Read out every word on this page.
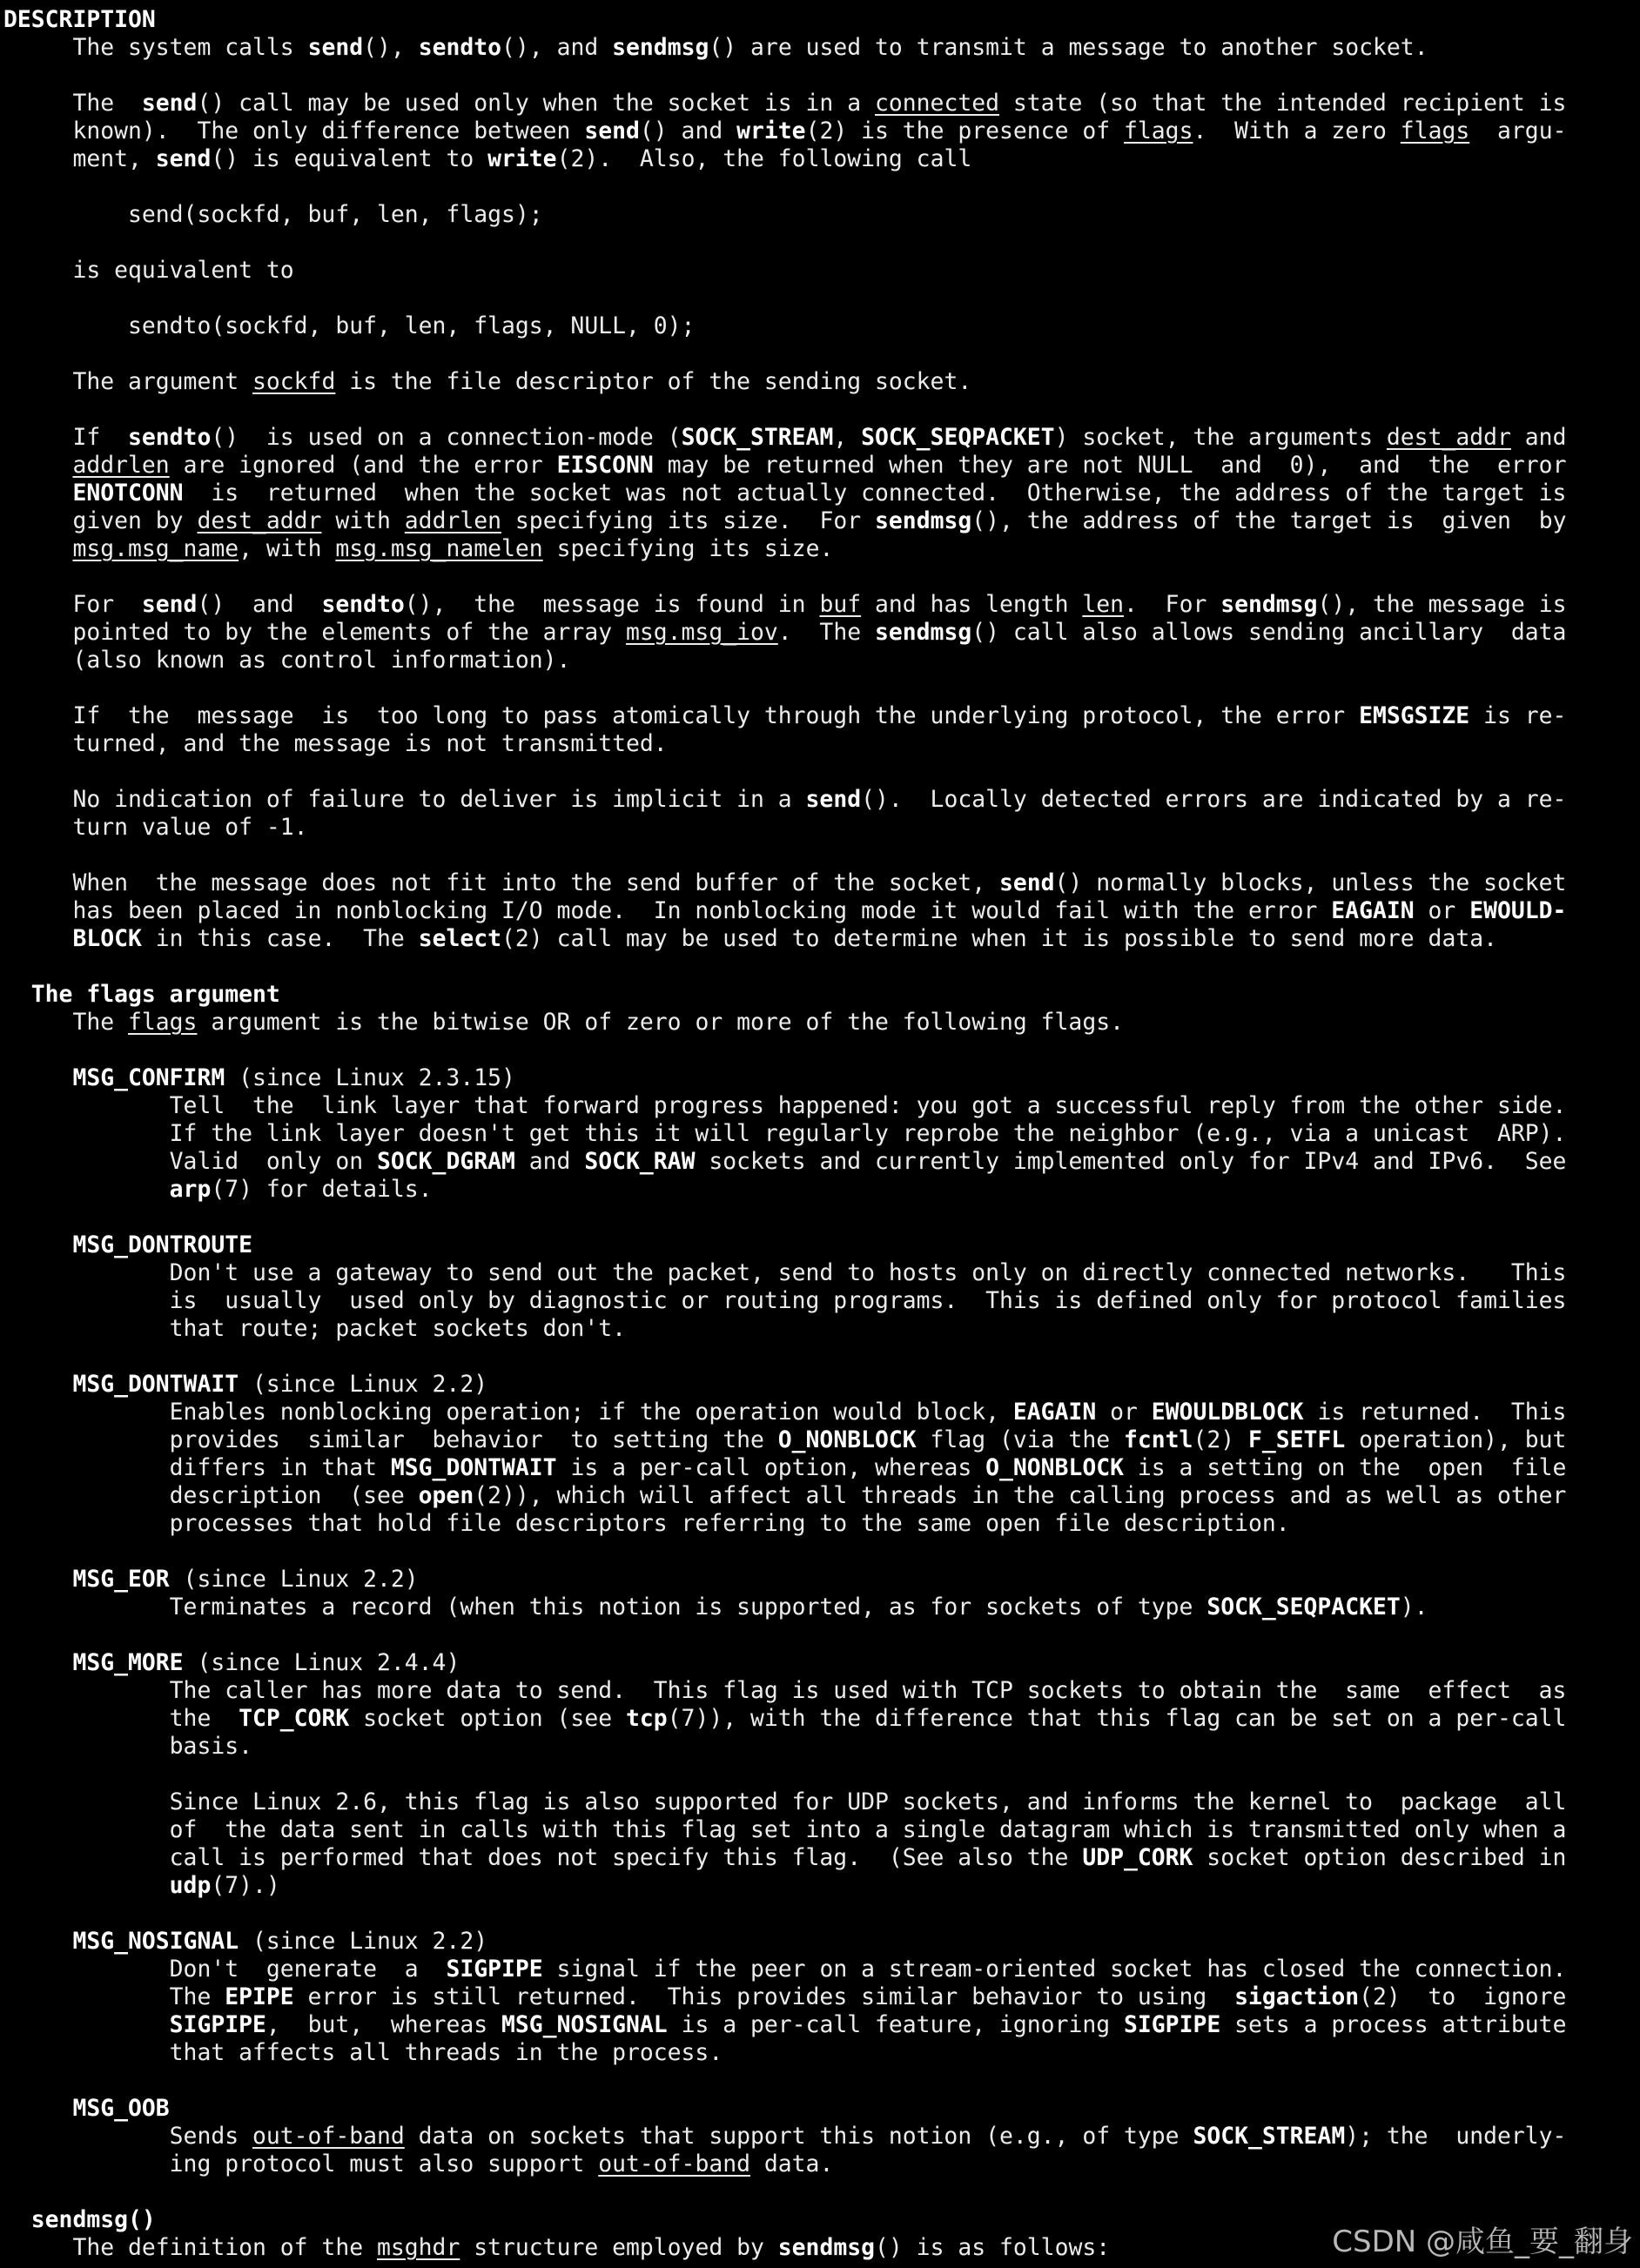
DESCRIPTION
The system calls send(), sendto(), and sendmsg() are used to transmit a message to another socket.

The  send() call may be used only when the socket is in a connected state (so that the intended recipient is
known).  The only difference between send() and write(2) is the presence of flags.  With a zero flags  argu‐
ment, send() is equivalent to write(2).  Also, the following call

send(sockfd, buf, len, flags);

is equivalent to

sendto(sockfd, buf, len, flags, NULL, 0);

The argument sockfd is the file descriptor of the sending socket.

If  sendto()  is used on a connection-mode (SOCK_STREAM, SOCK_SEQPACKET) socket, the arguments dest_addr and
addrlen are ignored (and the error EISCONN may be returned when they are not NULL  and  0),  and  the  error
ENOTCONN  is  returned  when the socket was not actually connected.  Otherwise, the address of the target is
given by dest_addr with addrlen specifying its size.  For sendmsg(), the address of the target is  given  by
msg.msg_name, with msg.msg_namelen specifying its size.

For  send()  and  sendto(),  the  message is found in buf and has length len.  For sendmsg(), the message is
pointed to by the elements of the array msg.msg_iov.  The sendmsg() call also allows sending ancillary  data
(also known as control information).

If  the  message  is  too long to pass atomically through the underlying protocol, the error EMSGSIZE is re‐
turned, and the message is not transmitted.

No indication of failure to deliver is implicit in a send().  Locally detected errors are indicated by a re‐
turn value of -1.

When  the message does not fit into the send buffer of the socket, send() normally blocks, unless the socket
has been placed in nonblocking I/O mode.  In nonblocking mode it would fail with the error EAGAIN or EWOULD‐
BLOCK in this case.  The select(2) call may be used to determine when it is possible to send more data.

The flags argument
The flags argument is the bitwise OR of zero or more of the following flags.

MSG_CONFIRM (since Linux 2.3.15)
Tell  the  link layer that forward progress happened: you got a successful reply from the other side.
If the link layer doesn't get this it will regularly reprobe the neighbor (e.g., via a unicast  ARP).
Valid  only on SOCK_DGRAM and SOCK_RAW sockets and currently implemented only for IPv4 and IPv6.  See
arp(7) for details.

MSG_DONTROUTE
Don't use a gateway to send out the packet, send to hosts only on directly connected networks.   This
is  usually  used only by diagnostic or routing programs.  This is defined only for protocol families
that route; packet sockets don't.

MSG_DONTWAIT (since Linux 2.2)
Enables nonblocking operation; if the operation would block, EAGAIN or EWOULDBLOCK is returned.  This
provides  similar  behavior  to setting the O_NONBLOCK flag (via the fcntl(2) F_SETFL operation), but
differs in that MSG_DONTWAIT is a per-call option, whereas O_NONBLOCK is a setting on the  open  file
description  (see open(2)), which will affect all threads in the calling process and as well as other
processes that hold file descriptors referring to the same open file description.

MSG_EOR (since Linux 2.2)
Terminates a record (when this notion is supported, as for sockets of type SOCK_SEQPACKET).

MSG_MORE (since Linux 2.4.4)
The caller has more data to send.  This flag is used with TCP sockets to obtain the  same  effect  as
the  TCP_CORK socket option (see tcp(7)), with the difference that this flag can be set on a per-call
basis.

Since Linux 2.6, this flag is also supported for UDP sockets, and informs the kernel to  package  all
of  the data sent in calls with this flag set into a single datagram which is transmitted only when a
call is performed that does not specify this flag.  (See also the UDP_CORK socket option described in
udp(7).)

MSG_NOSIGNAL (since Linux 2.2)
Don't  generate  a  SIGPIPE signal if the peer on a stream-oriented socket has closed the connection.
The EPIPE error is still returned.  This provides similar behavior to using  sigaction(2)  to  ignore
SIGPIPE,  but,  whereas MSG_NOSIGNAL is a per-call feature, ignoring SIGPIPE sets a process attribute
that affects all threads in the process.

MSG_OOB
Sends out-of-band data on sockets that support this notion (e.g., of type SOCK_STREAM); the  underly‐
ing protocol must also support out-of-band data.

sendmsg()
The definition of the msghdr structure employed by sendmsg() is as follows:	CSDN @咸鱼_要_翻身
